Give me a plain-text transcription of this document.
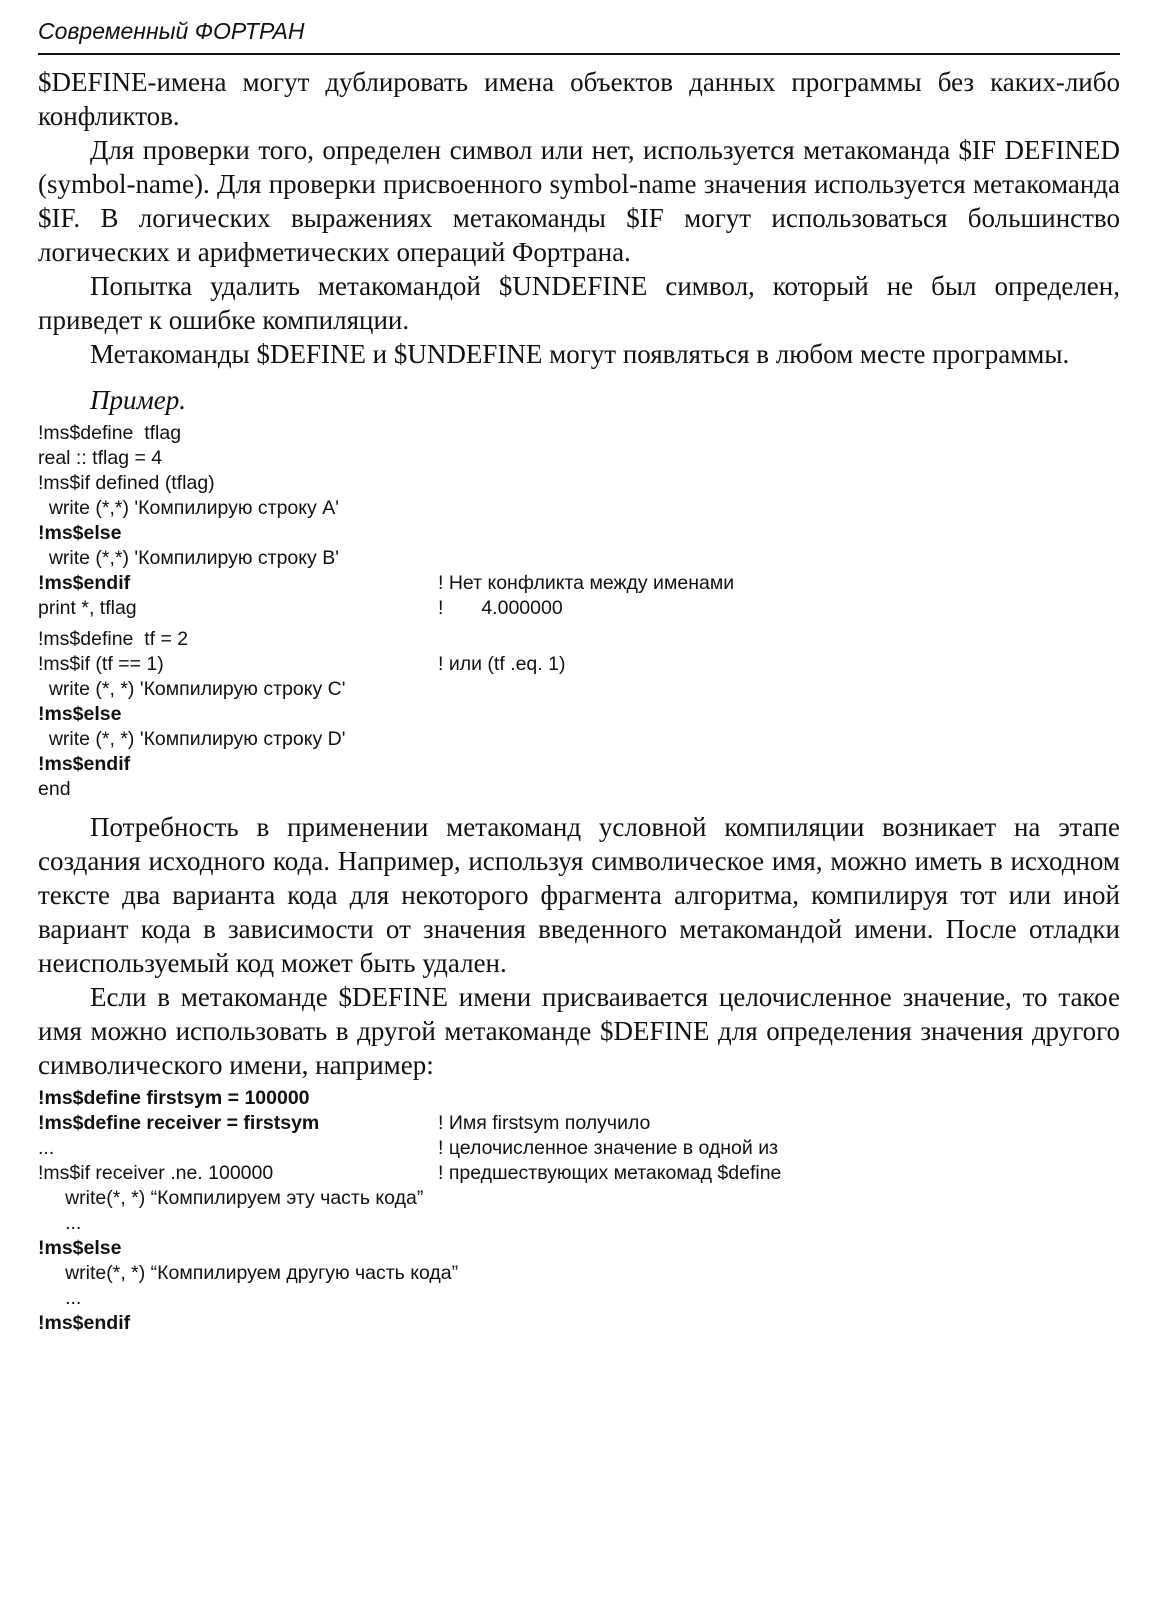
Современный ФОРТРАН

$DEFINE-имена могут дублировать имена объектов данных программы без каких-либо конфликтов.

Для проверки того, определен символ или нет, используется метакоманда $IF DEFINED (symbol-name). Для проверки присвоенного symbol-name значения используется метакоманда $IF. В логических выражениях метакоманды $IF могут использоваться большинство логических и арифметических операций Фортрана.

Попытка удалить метакомандой $UNDEFINE символ, который не был определен, приведет к ошибке компиляции.

Метакоманды $DEFINE и $UNDEFINE могут появляться в любом месте программы.

Пример.

!ms$define  tflag
real :: tflag = 4
!ms$if defined (tflag)
write (*,*) 'Компилирую строку A'
!ms$else
write (*,*) 'Компилирую строку B'
!ms$endif	! Нет конфликта между именами
print *, tflag	!       4.000000
!ms$define  tf = 2
!ms$if (tf == 1)	! или (tf .eq. 1)
write (*, *) 'Компилирую строку C'
!ms$else
write (*, *) 'Компилирую строку D'
!ms$endif
end

Потребность в применении метакоманд условной компиляции возникает на этапе создания исходного кода. Например, используя символическое имя, можно иметь в исходном тексте два варианта кода для некоторого фрагмента алгоритма, компилируя тот или иной вариант кода в зависимости от значения введенного метакомандой имени. После отладки неиспользуемый код может быть удален.

Если в метакоманде $DEFINE имени присваивается целочисленное значение, то такое имя можно использовать в другой метакоманде $DEFINE для определения значения другого символического имени, например:

!ms$define firstsym = 100000
!ms$define receiver = firstsym	! Имя firstsym получило
...	! целочисленное значение в одной из
!ms$if receiver .ne. 100000	! предшествующих метакомад $define
write(*, *) “Компилируем эту часть кода”
...
!ms$else
write(*, *) “Компилируем другую часть кода”
...
!ms$endif
